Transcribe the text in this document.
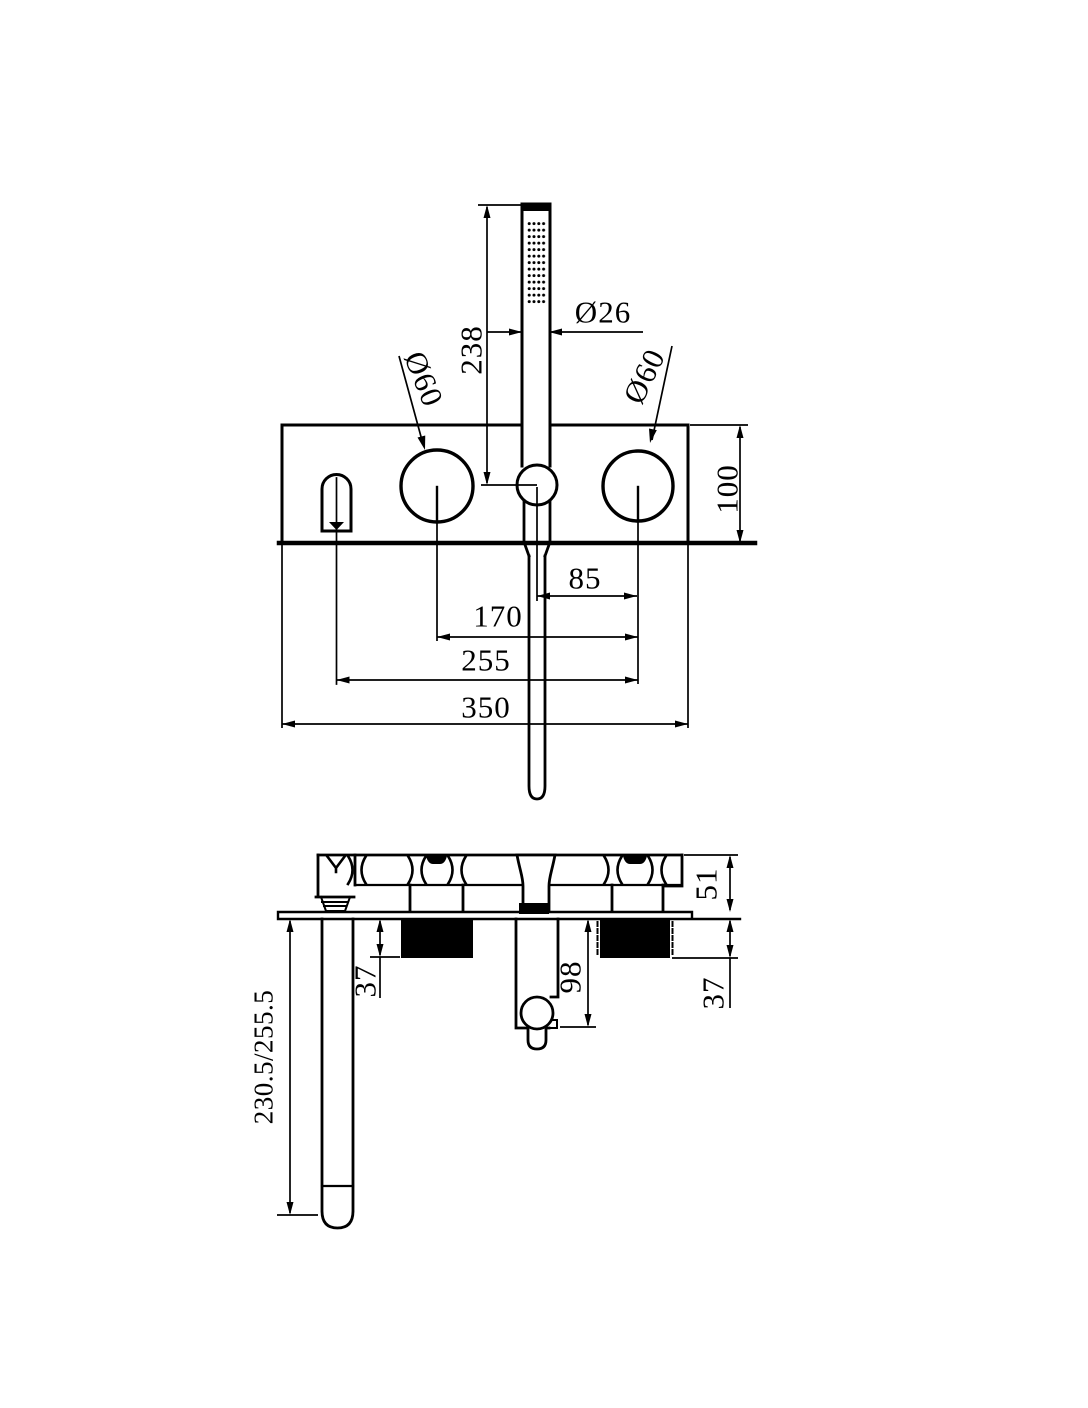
238
Ø26
Ø60	Ø60
100
85
170
255
350
51
37	98	37
230.5/255.5
